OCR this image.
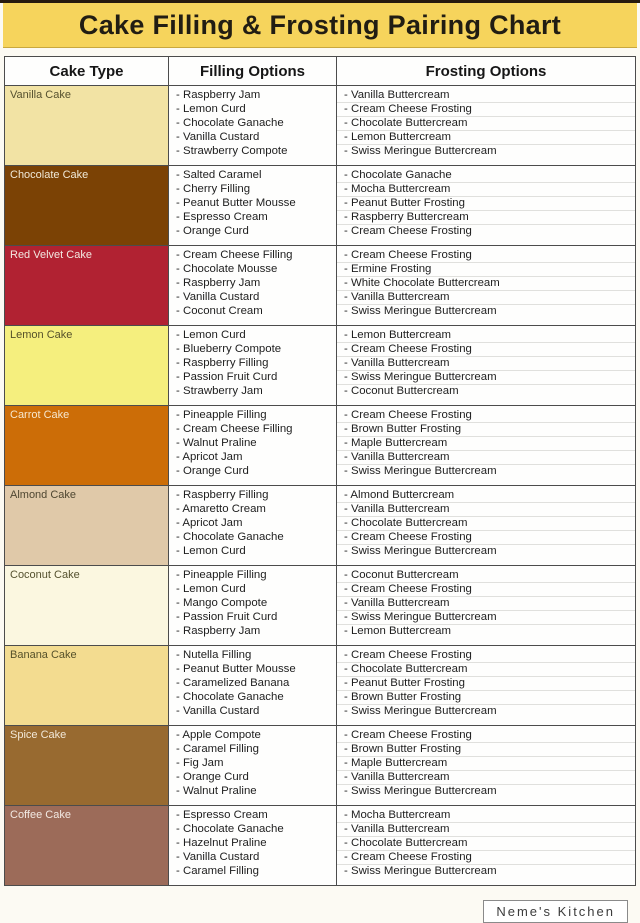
Cake Filling & Frosting Pairing Chart
Cake Type	Filling Options	Frosting Options
Vanilla Cake	
-Raspberry Jam
- Lemon Curd
- Chocolate Ganache
- Vanilla Custard
- Strawberry Compote

- Vanilla Buttercream
- Cream Cheese Frosting
- Chocolate Buttercream
- Lemon Buttercream
- Swiss Meringue Buttercream

Chocolate Cake	
-Salted Caramel
- Cherry Filling
- Peanut Butter Mousse
- Espresso Cream
- Orange Curd

- Chocolate Ganache
- Mocha Buttercream
- Peanut Butter Frosting
- Raspberry Buttercream
- Cream Cheese Frosting

Red Velvet Cake	
-Cream Cheese Filling
- Chocolate Mousse
- Raspberry Jam
- Vanilla Custard
- Coconut Cream

- Cream Cheese Frosting
- Ermine Frosting
- White Chocolate Buttercream
- Vanilla Buttercream
- Swiss Meringue Buttercream

Lemon Cake	
-Lemon Curd
- Blueberry Compote
- Raspberry Filling
- Passion Fruit Curd
- Strawberry Jam

- Lemon Buttercream
- Cream Cheese Frosting
- Vanilla Buttercream
- Swiss Meringue Buttercream
- Coconut Buttercream

Carrot Cake	
-Pineapple Filling
- Cream Cheese Filling
- Walnut Praline
- Apricot Jam
- Orange Curd

- Cream Cheese Frosting
- Brown Butter Frosting
- Maple Buttercream
- Vanilla Buttercream
- Swiss Meringue Buttercream

Almond Cake	
-Raspberry Filling
- Amaretto Cream
- Apricot Jam
- Chocolate Ganache
- Lemon Curd

- Almond Buttercream
- Vanilla Buttercream
- Chocolate Buttercream
- Cream Cheese Frosting
- Swiss Meringue Buttercream

Coconut Cake	
-Pineapple Filling
- Lemon Curd
- Mango Compote
- Passion Fruit Curd
- Raspberry Jam

- Coconut Buttercream
- Cream Cheese Frosting
- Vanilla Buttercream
- Swiss Meringue Buttercream
- Lemon Buttercream

Banana Cake	
-Nutella Filling
- Peanut Butter Mousse
- Caramelized Banana
- Chocolate Ganache
- Vanilla Custard

- Cream Cheese Frosting
- Chocolate Buttercream
- Peanut Butter Frosting
- Brown Butter Frosting
- Swiss Meringue Buttercream

Spice Cake	
-Apple Compote
- Caramel Filling
- Fig Jam
- Orange Curd
- Walnut Praline

- Cream Cheese Frosting
- Brown Butter Frosting
- Maple Buttercream
- Vanilla Buttercream
- Swiss Meringue Buttercream

Coffee Cake	
-Espresso Cream
- Chocolate Ganache
- Hazelnut Praline
- Vanilla Custard
- Caramel Filling

- Mocha Buttercream
- Vanilla Buttercream
- Chocolate Buttercream
- Cream Cheese Frosting
- Swiss Meringue Buttercream
Neme's Kitchen
